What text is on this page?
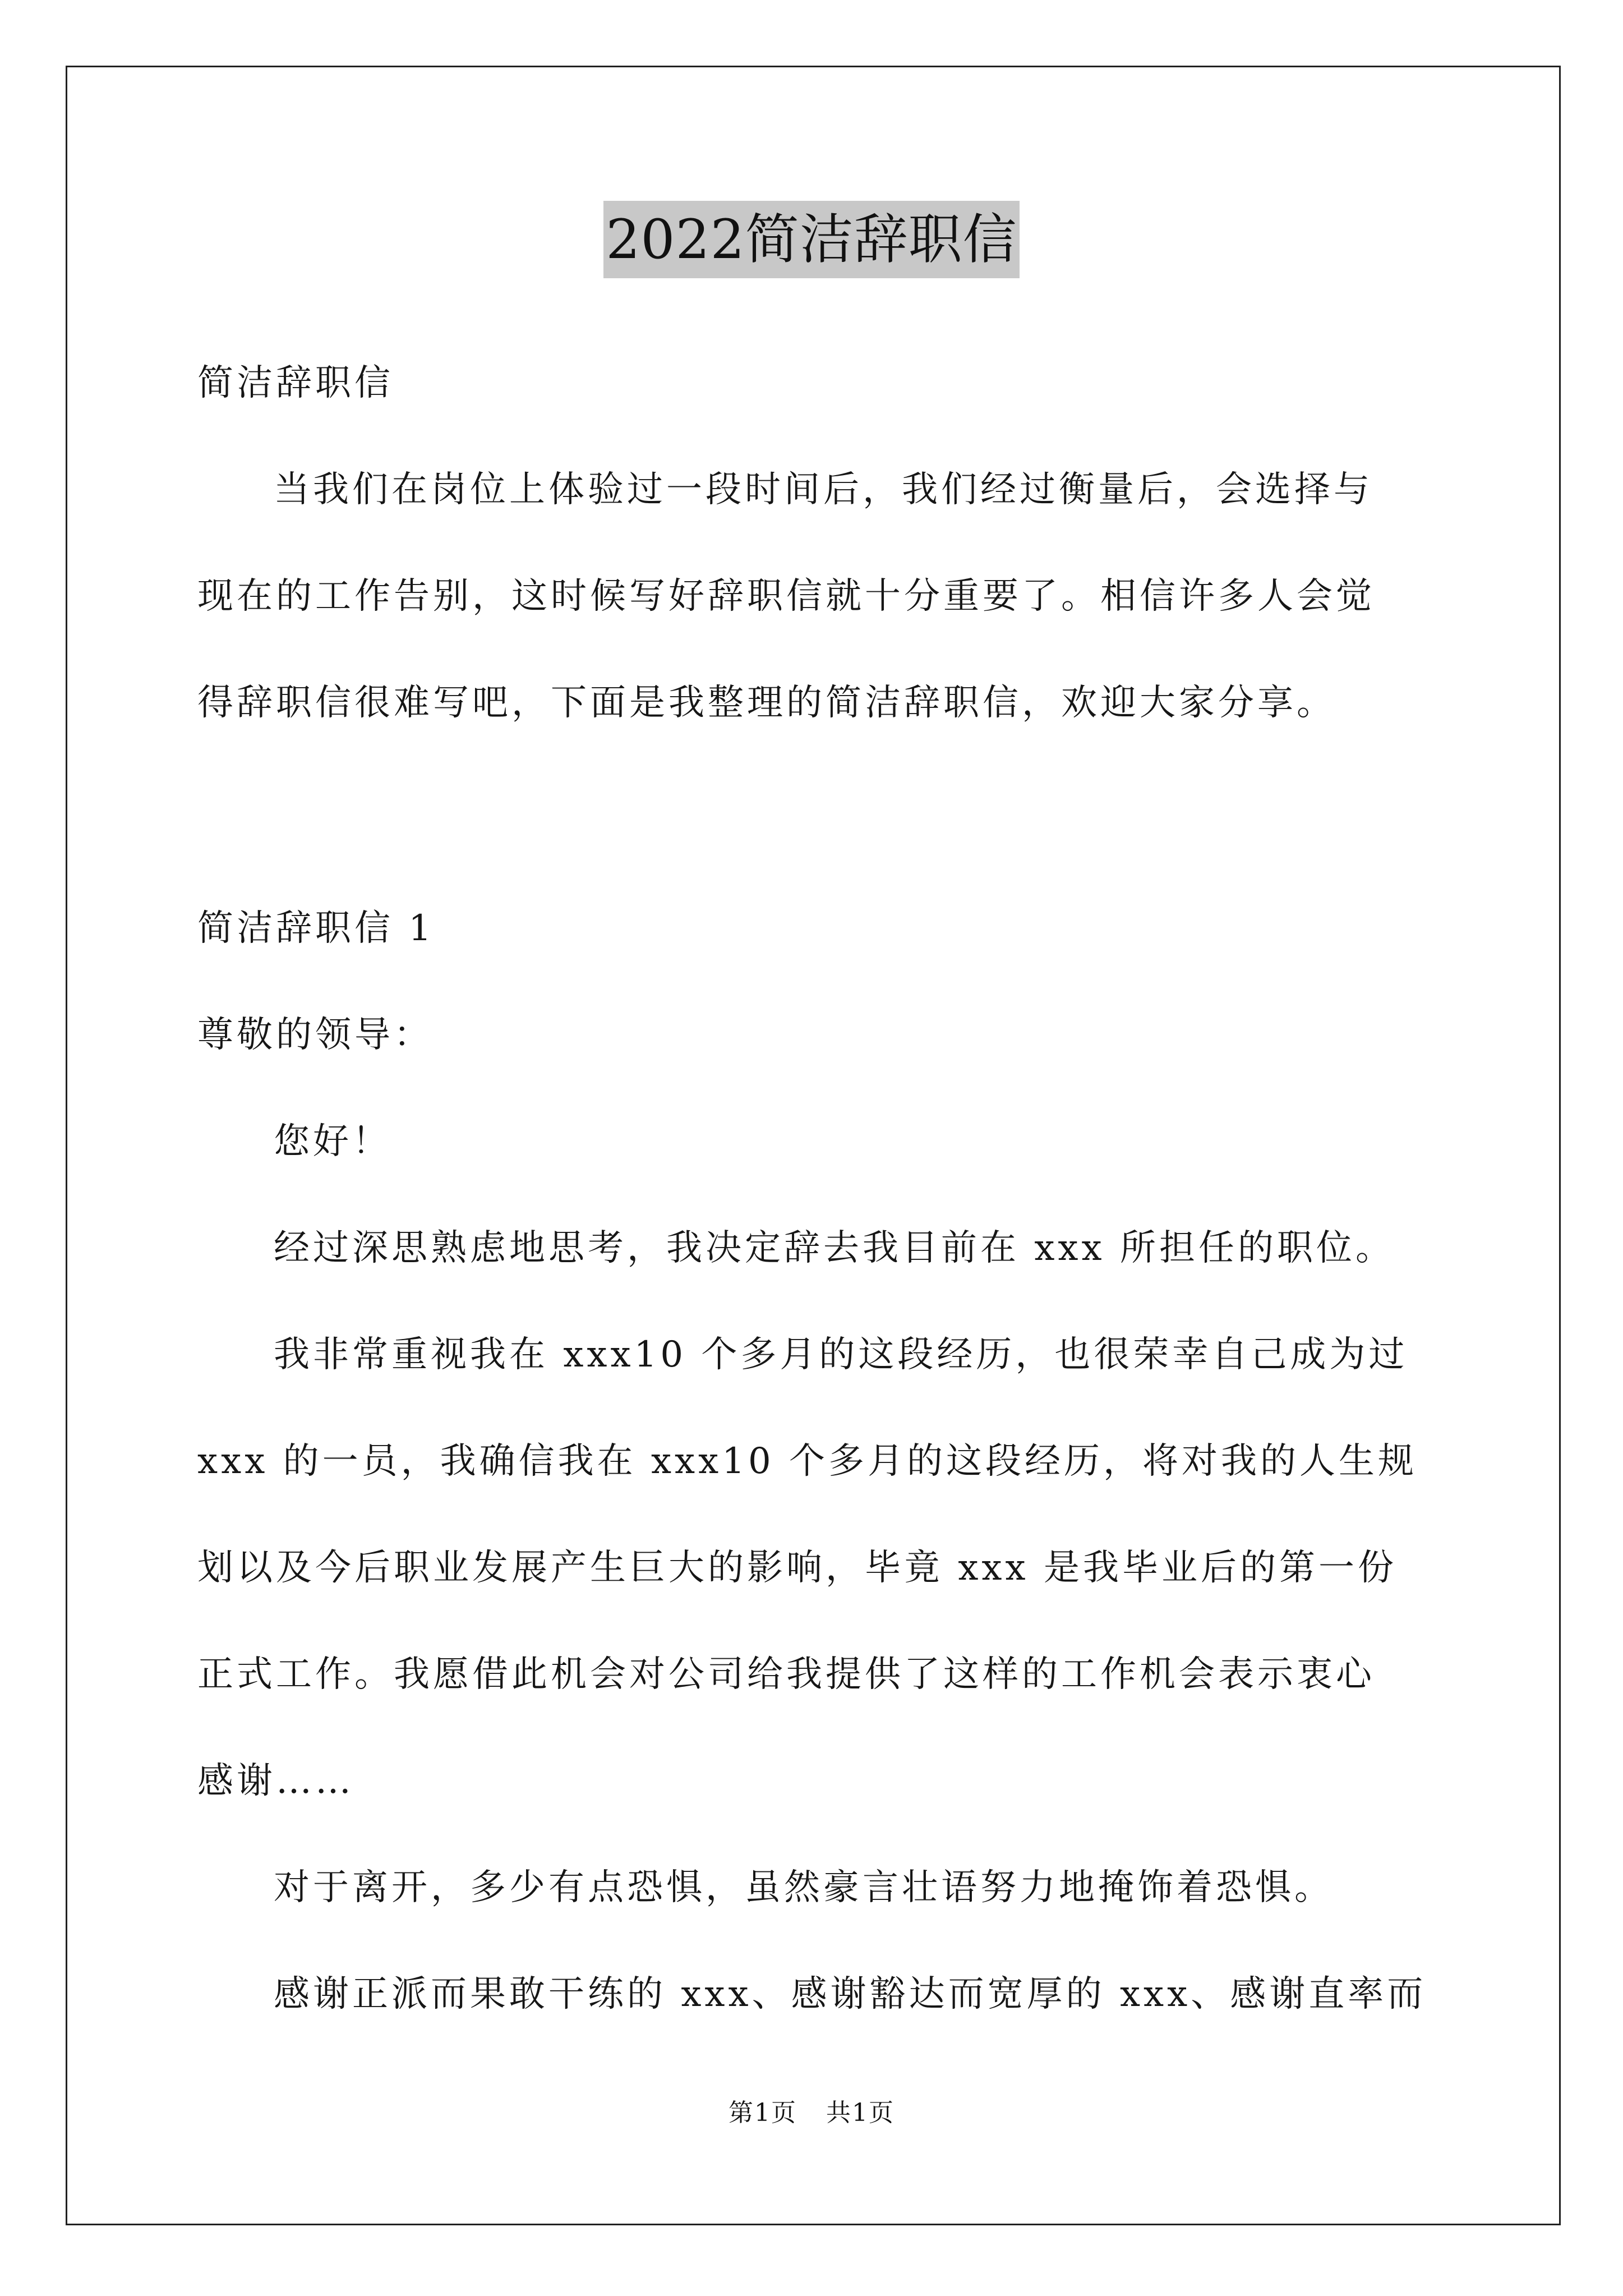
2022简洁辞职信

简洁辞职信

当我们在岗位上体验过一段时间后，我们经过衡量后，会选择与

现在的工作告别，这时候写好辞职信就十分重要了。相信许多人会觉

得辞职信很难写吧，下面是我整理的简洁辞职信，欢迎大家分享。

简洁辞职信 1

尊敬的领导：

您好！

经过深思熟虑地思考，我决定辞去我目前在 xxx 所担任的职位。

我非常重视我在 xxx10 个多月的这段经历，也很荣幸自己成为过

xxx 的一员，我确信我在 xxx10 个多月的这段经历，将对我的人生规

划以及今后职业发展产生巨大的影响，毕竟 xxx 是我毕业后的第一份

正式工作。我愿借此机会对公司给我提供了这样的工作机会表示衷心

感谢……

对于离开，多少有点恐惧，虽然豪言壮语努力地掩饰着恐惧。

感谢正派而果敢干练的 xxx、感谢豁达而宽厚的 xxx、感谢直率而

第1页 共1页
